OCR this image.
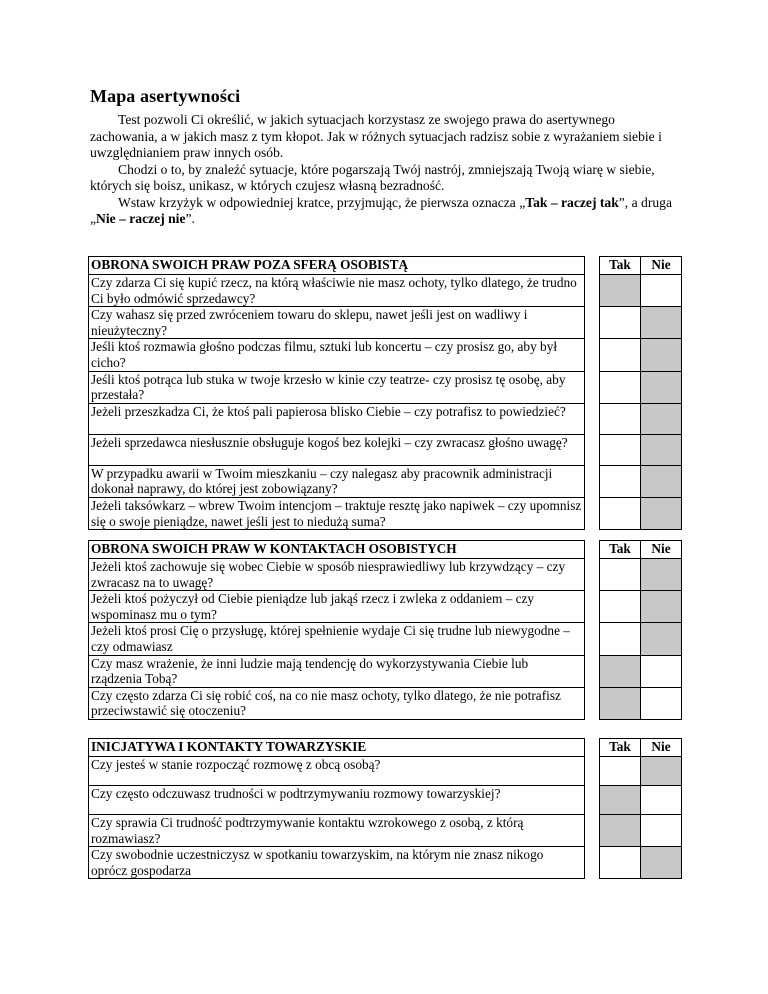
Mapa asertywności

Test pozwoli Ci określić, w jakich sytuacjach korzystasz ze swojego prawa do asertywnego zachowania, a w jakich masz z tym kłopot. Jak w różnych sytuacjach radzisz sobie z wyrażaniem siebie i uwzględnianiem praw innych osób.

Chodzi o to, by znaleźć sytuacje, które pogarszają Twój nastrój, zmniejszają Twoją wiarę w siebie, których się boisz, unikasz, w których czujesz własną bezradność.

Wstaw krzyżyk w odpowiedniej kratce, przyjmując, że pierwsza oznacza „Tak – raczej tak”, a druga „Nie – raczej nie”.

OBRONA SWOICH PRAW POZA SFERĄ OSOBISTĄ		Tak	Nie
Czy zdarza Ci się kupić rzecz, na którą właściwie nie masz ochoty, tylko dlatego, że trudno Ci było odmówić sprzedawcy?			
Czy wahasz się przed zwróceniem towaru do sklepu, nawet jeśli jest on wadliwy i nieużyteczny?			
Jeśli ktoś rozmawia głośno podczas filmu, sztuki lub koncertu – czy prosisz go, aby był cicho?			
Jeśli ktoś potrąca lub stuka w twoje krzesło w kinie czy teatrze- czy prosisz tę osobę, aby przestała?			
Jeżeli przeszkadza Ci, że ktoś pali papierosa blisko Ciebie – czy potrafisz to powiedzieć?			
Jeżeli sprzedawca niesłusznie obsługuje kogoś bez kolejki – czy zwracasz głośno uwagę?			
W przypadku awarii w Twoim mieszkaniu – czy nalegasz aby pracownik administracji dokonał naprawy, do której jest zobowiązany?			
Jeżeli taksówkarz – wbrew Twoim intencjom – traktuje resztę jako napiwek – czy upomnisz się o swoje pieniądze, nawet jeśli jest to niedużą suma?			
OBRONA SWOICH PRAW W KONTAKTACH OSOBISTYCH		Tak	Nie
Jeżeli ktoś zachowuje się wobec Ciebie w sposób niesprawiedliwy lub krzywdzący – czy zwracasz na to uwagę?			
Jeżeli ktoś pożyczył od Ciebie pieniądze lub jakąś rzecz i zwleka z oddaniem – czy wspominasz mu o tym?			
Jeżeli ktoś prosi Cię o przysługę, której spełnienie wydaje Ci się trudne lub niewygodne – czy odmawiasz			
Czy masz wrażenie, że inni ludzie mają tendencję do wykorzystywania Ciebie lub rządzenia Tobą?			
Czy często zdarza Ci się robić coś, na co nie masz ochoty, tylko dlatego, że nie potrafisz przeciwstawić się otoczeniu?			
INICJATYWA I KONTAKTY TOWARZYSKIE		Tak	Nie
Czy jesteś w stanie rozpocząć rozmowę z obcą osobą?			
Czy często odczuwasz trudności w podtrzymywaniu rozmowy towarzyskiej?			
Czy sprawia Ci trudność podtrzymywanie kontaktu wzrokowego z osobą, z którą rozmawiasz?			
Czy swobodnie uczestniczysz w spotkaniu towarzyskim, na którym nie znasz nikogo oprócz gospodarza			
